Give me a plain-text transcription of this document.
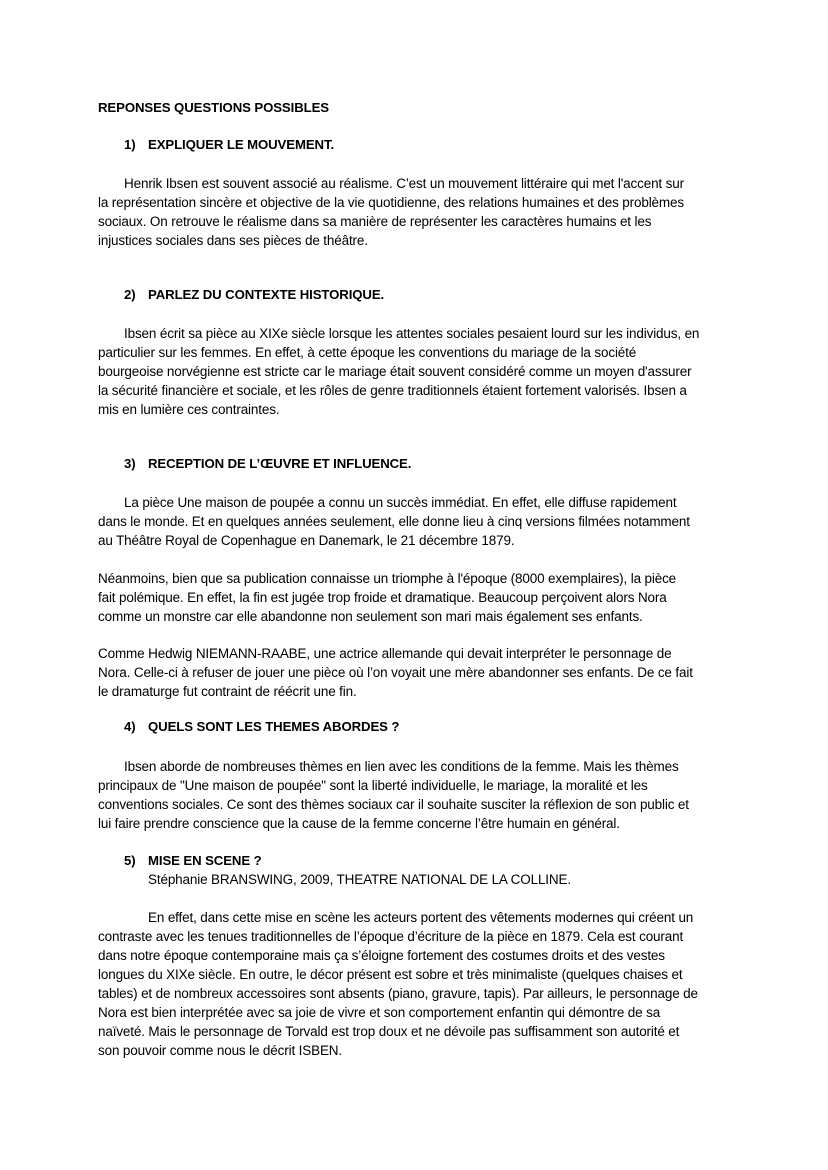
REPONSES QUESTIONS POSSIBLES
1) EXPLIQUER LE MOUVEMENT.
Henrik Ibsen est souvent associé au réalisme. C’est un mouvement littéraire qui met l'accent sur
la représentation sincère et objective de la vie quotidienne, des relations humaines et des problèmes
sociaux. On retrouve le réalisme dans sa manière de représenter les caractères humains et les
injustices sociales dans ses pièces de théâtre.
2) PARLEZ DU CONTEXTE HISTORIQUE.
Ibsen écrit sa pièce au XIXe siècle lorsque les attentes sociales pesaient lourd sur les individus, en
particulier sur les femmes. En effet, à cette époque les conventions du mariage de la société
bourgeoise norvégienne est stricte car le mariage était souvent considéré comme un moyen d'assurer
la sécurité financière et sociale, et les rôles de genre traditionnels étaient fortement valorisés. Ibsen a
mis en lumière ces contraintes.
3) RECEPTION DE L’ŒUVRE ET INFLUENCE.
La pièce Une maison de poupée a connu un succès immédiat. En effet, elle diffuse rapidement
dans le monde. Et en quelques années seulement, elle donne lieu à cinq versions filmées notamment
au Théâtre Royal de Copenhague en Danemark, le 21 décembre 1879.
Néanmoins, bien que sa publication connaisse un triomphe à l'époque (8000 exemplaires), la pièce
fait polémique. En effet, la fin est jugée trop froide et dramatique. Beaucoup perçoivent alors Nora
comme un monstre car elle abandonne non seulement son mari mais également ses enfants.
Comme Hedwig NIEMANN-RAABE, une actrice allemande qui devait interpréter le personnage de
Nora. Celle-ci à refuser de jouer une pièce où l’on voyait une mère abandonner ses enfants. De ce fait
le dramaturge fut contraint de réécrit une fin.
4) QUELS SONT LES THEMES ABORDES ?
Ibsen aborde de nombreuses thèmes en lien avec les conditions de la femme. Mais les thèmes
principaux de "Une maison de poupée" sont la liberté individuelle, le mariage, la moralité et les
conventions sociales. Ce sont des thèmes sociaux car il souhaite susciter la réflexion de son public et
lui faire prendre conscience que la cause de la femme concerne l’être humain en général.
5) MISE EN SCENE ?
Stéphanie BRANSWING, 2009, THEATRE NATIONAL DE LA COLLINE.
En effet, dans cette mise en scène les acteurs portent des vêtements modernes qui créent un
contraste avec les tenues traditionnelles de l’époque d’écriture de la pièce en 1879. Cela est courant
dans notre époque contemporaine mais ça s’éloigne fortement des costumes droits et des vestes
longues du XIXe siècle. En outre, le décor présent est sobre et très minimaliste (quelques chaises et
tables) et de nombreux accessoires sont absents (piano, gravure, tapis). Par ailleurs, le personnage de
Nora est bien interprétée avec sa joie de vivre et son comportement enfantin qui démontre de sa
naïveté. Mais le personnage de Torvald est trop doux et ne dévoile pas suffisamment son autorité et
son pouvoir comme nous le décrit ISBEN.
